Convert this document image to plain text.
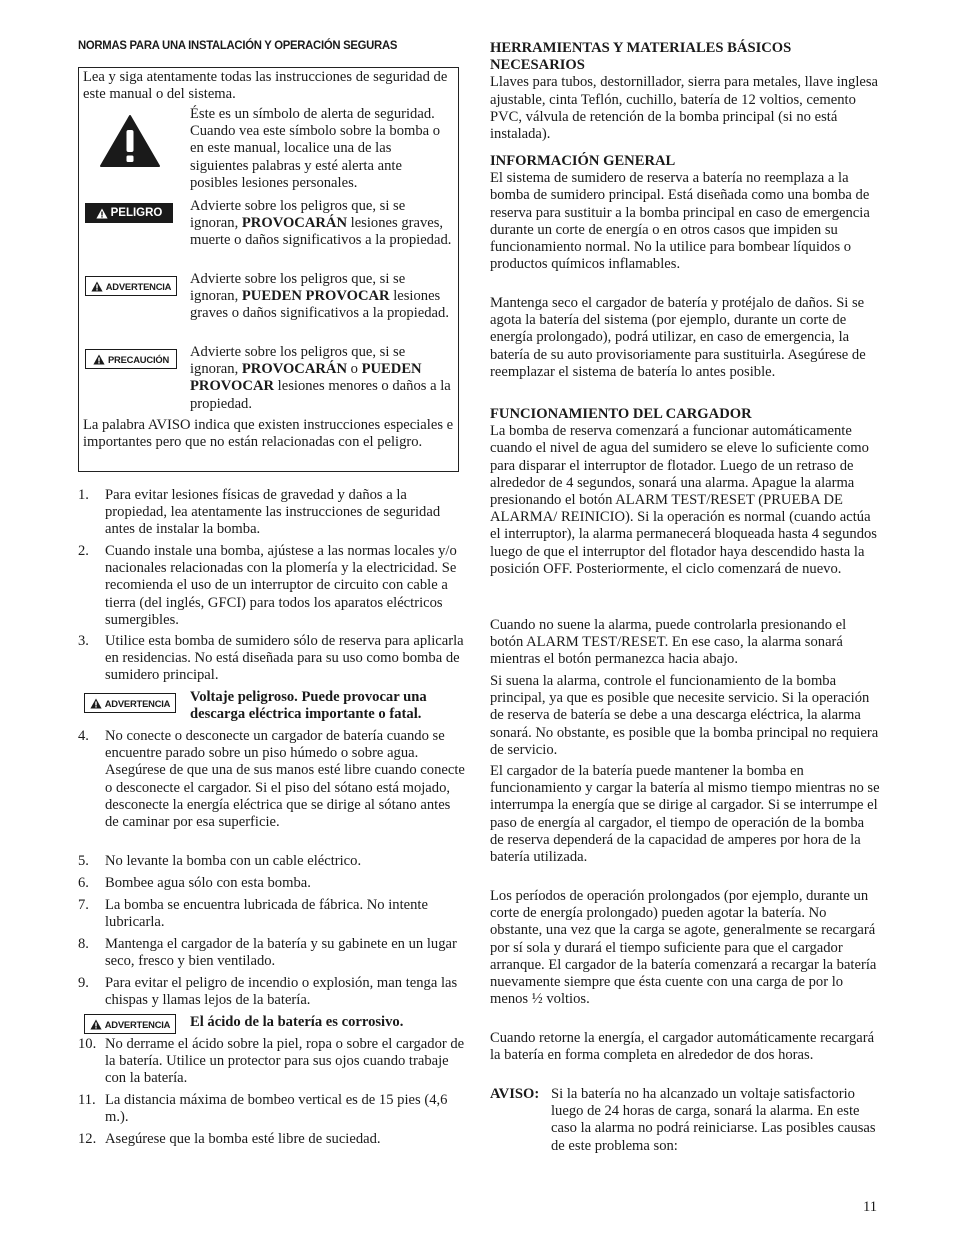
NORMAS PARA UNA INSTALACIÓN Y OPERACIÓN SEGURAS

Lea y siga atentamente todas las instrucciones de seguridad de este manual o del sistema.

Éste es un símbolo de alerta de seguridad. Cuando vea este símbolo sobre la bomba o en este manual, localice una de las siguientes palabras y esté alerta ante posibles lesiones personales.

PELIGRO Advierte sobre los peligros que, si se ignoran, PROVOCARÁN lesiones graves, muerte o daños significativos a la propiedad.

ADVERTENCIA Advierte sobre los peligros que, si se ignoran, PUEDEN PROVOCAR lesiones graves o daños significativos a la propiedad.

PRECAUCIÓN Advierte sobre los peligros que, si se ignoran, PROVOCARÁN o PUEDEN PROVOCAR lesiones menores o daños a la propiedad.

La palabra AVISO indica que existen instrucciones especiales e importantes pero que no están relacionadas con el peligro.

1.	Para evitar lesiones físicas de gravedad y daños a la propiedad, lea atentamente las instrucciones de seguridad antes de instalar la bomba.

2.	Cuando instale una bomba, ajústese a las normas locales y/o nacionales relacionadas con la plomería y la electricidad. Se recomienda el uso de un interruptor de circuito con cable a tierra (del inglés, GFCI) para todos los aparatos eléctricos sumergibles.

3.	Utilice esta bomba de sumidero sólo de reserva para aplicarla en residencias. No está diseñada para su uso como bomba de sumidero principal.

4.	No conecte o desconecte un cargador de batería cuando se encuentre parado sobre un piso húmedo o sobre agua. Asegúrese de que una de sus manos esté libre cuando conecte o desconecte el cargador. Si el piso del sótano está mojado, desconecte la energía eléctrica que se dirige al sótano antes de caminar por esa superficie.

5.	No levante la bomba con un cable eléctrico.

6.	Bombee agua sólo con esta bomba.

7.	La bomba se encuentra lubricada de fábrica. No intente lubricarla.

8.	Mantenga el cargador de la batería y su gabinete en un lugar seco, fresco y bien ventilado.

9.	Para evitar el peligro de incendio o explosión, man tenga las chispas y llamas lejos de la batería.

10. No derrame el ácido sobre la piel, ropa o sobre el cargador de la batería. Utilice un protector para sus ojos cuando trabaje con la batería.

11. La distancia máxima de bombeo vertical es de 15 pies (4,6 m.).

12. Asegúrese que la bomba esté libre de suciedad.

ADVERTENCIA Voltaje peligroso. Puede provocar una descarga eléctrica importante o fatal.

ADVERTENCIA El ácido de la batería es corrosivo.

HERRAMIENTAS Y MATERIALES BÁSICOS NECESARIOS

Llaves para tubos, destornillador, sierra para metales, llave inglesa ajustable, cinta Teflón, cuchillo, batería de 12 voltios, cemento PVC, válvula de retención de la bomba principal (si no está instalada).

INFORMACIÓN GENERAL

El sistema de sumidero de reserva a batería no reemplaza a la bomba de sumidero principal. Está diseñada como una bomba de reserva para sustituir a la bomba principal en caso de emergencia durante un corte de energía o en otros casos que impiden su funcionamiento normal. No la utilice para bombear líquidos o productos químicos inflamables.

Mantenga seco el cargador de batería y protéjalo de daños. Si se agota la batería del sistema (por ejemplo, durante un corte de energía prolongado), podrá utilizar, en caso de emergencia, la batería de su auto provisoriamente para sustituirla. Asegúrese de reemplazar el sistema de batería lo antes posible.

FUNCIONAMIENTO DEL CARGADOR

La bomba de reserva comenzará a funcionar automáticamente cuando el nivel de agua del sumidero se eleve lo suficiente como para disparar el interruptor de flotador. Luego de un retraso de alrededor de 4 segundos, sonará una alarma. Apague la alarma presionando el botón ALARM TEST/RESET (PRUEBA DE ALARMA/ REINICIO). Si la operación es normal (cuando actúa el interruptor), la alarma permanecerá bloqueada hasta 4 segundos luego de que el interruptor del flotador haya descendido hasta la posición OFF. Posteriormente, el ciclo comenzará de nuevo.

Cuando no suene la alarma, puede controlarla presionando el botón ALARM TEST/RESET. En ese caso, la alarma sonará mientras el botón permanezca hacia abajo.

Si suena la alarma, controle el funcionamiento de la bomba principal, ya que es posible que necesite servicio. Si la operación de reserva de batería se debe a una descarga eléctrica, la alarma sonará. No obstante, es posible que la bomba principal no requiera de servicio.

El cargador de la batería puede mantener la bomba en funcionamiento y cargar la batería al mismo tiempo mientras no se interrumpa la energía que se dirige al cargador. Si se interrumpe el paso de energía al cargador, el tiempo de operación de la bomba de reserva dependerá de la capacidad de amperes por hora de la batería utilizada.

Los períodos de operación prolongados (por ejemplo, durante un corte de energía prolongado) pueden agotar la batería. No obstante, una vez que la carga se agote, generalmente se recargará por sí sola y durará el tiempo suficiente para que el cargador arranque. El cargador de la batería comenzará a recargar la batería nuevamente siempre que ésta cuente con una carga de por lo menos ½ voltios.

Cuando retorne la energía, el cargador automáticamente recargará la batería en forma completa en alrededor de dos horas.

AVISO: Si la batería no ha alcanzado un voltaje satisfactorio luego de 24 horas de carga, sonará la alarma. En este caso la alarma no podrá reiniciarse. Las posibles causas de este problema son:

11
